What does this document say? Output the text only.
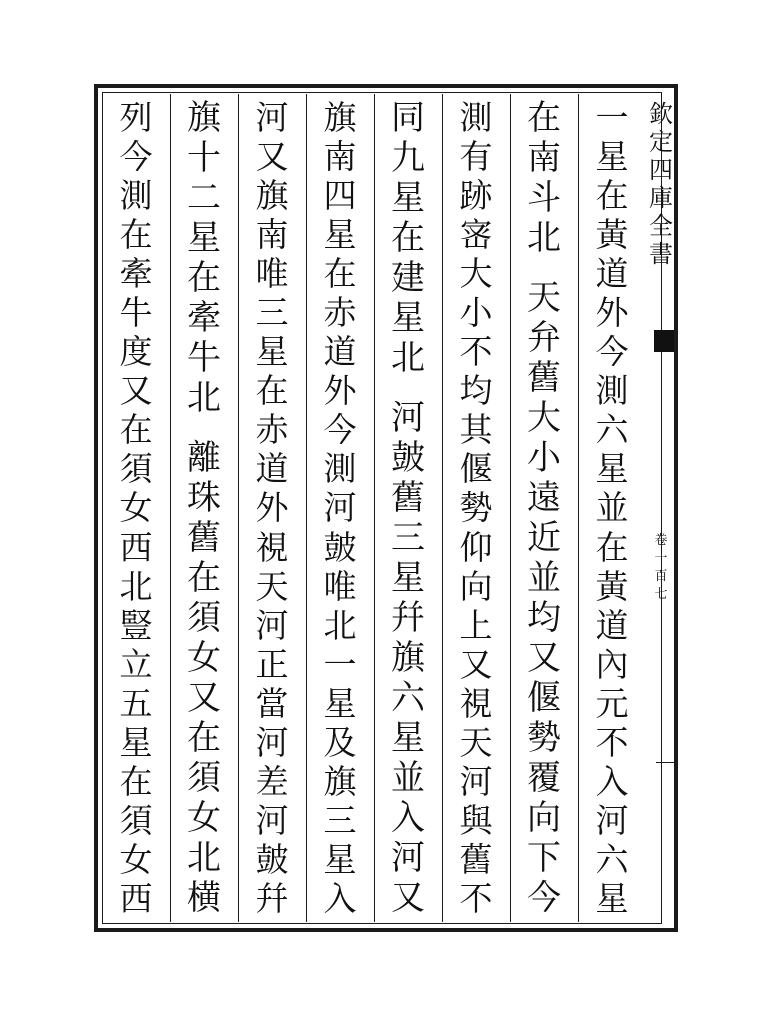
一
星
在
黃
道
外
今
測
六
星
並
在
黃
道
內
元
不
入
河
六
星
在
南
斗
北
天
弁
舊
大
小
遠
近
並
均
又
偃
勢
覆
向
下
今
測
有
跡
宻
大
小
不
均
其
偃
勢
仰
向
上
又
視
天
河
與
舊
不
同
九
星
在
建
星
北
河
皷
舊
三
星
幷
旗
六
星
並
入
河
又
旗
南
四
星
在
赤
道
外
今
測
河
皷
唯
北
一
星
及
旗
三
星
入
河
又
旗
南
唯
三
星
在
赤
道
外
視
天
河
正
當
河
差
河
皷
幷
旗
十
二
星
在
牽
牛
北
離
珠
舊
在
須
女
又
在
須
女
北
横
列
今
測
在
牽
牛
度
又
在
須
女
西
北
豎
立
五
星
在
須
女
西
欽
定
四
庫
全
書
卷
一
百
七
